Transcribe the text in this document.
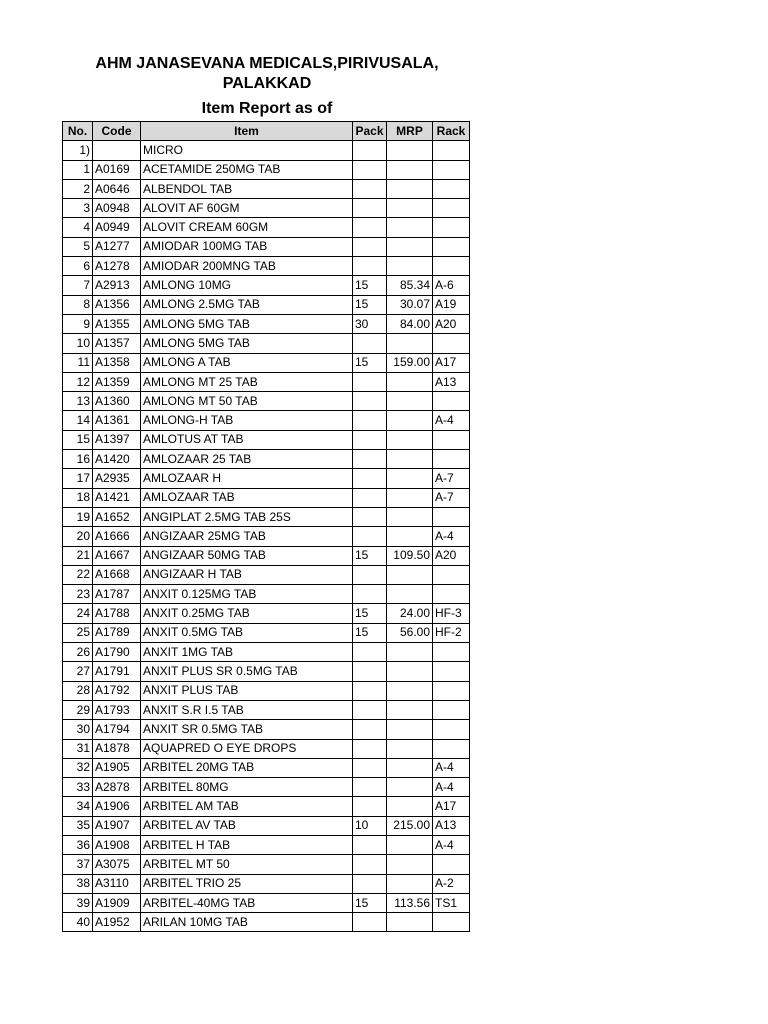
AHM JANASEVANA MEDICALS,PIRIVUSALA,
PALAKKAD
Item Report as of
No.	Code	Item	Pack	MRP	Rack
1)		MICRO			
1	A0169	ACETAMIDE 250MG TAB			
2	A0646	ALBENDOL TAB			
3	A0948	ALOVIT AF 60GM			
4	A0949	ALOVIT CREAM 60GM			
5	A1277	AMIODAR 100MG TAB			
6	A1278	AMIODAR 200MNG TAB			
7	A2913	AMLONG 10MG	15	85.34	A-6
8	A1356	AMLONG 2.5MG TAB	15	30.07	A19
9	A1355	AMLONG 5MG TAB	30	84.00	A20
10	A1357	AMLONG 5MG TAB			
11	A1358	AMLONG A TAB	15	159.00	A17
12	A1359	AMLONG MT 25 TAB			A13
13	A1360	AMLONG MT 50 TAB			
14	A1361	AMLONG-H TAB			A-4
15	A1397	AMLOTUS AT TAB			
16	A1420	AMLOZAAR 25 TAB			
17	A2935	AMLOZAAR H			A-7
18	A1421	AMLOZAAR TAB			A-7
19	A1652	ANGIPLAT 2.5MG TAB 25S			
20	A1666	ANGIZAAR 25MG TAB			A-4
21	A1667	ANGIZAAR 50MG TAB	15	109.50	A20
22	A1668	ANGIZAAR H TAB			
23	A1787	ANXIT 0.125MG TAB			
24	A1788	ANXIT 0.25MG TAB	15	24.00	HF-3
25	A1789	ANXIT 0.5MG TAB	15	56.00	HF-2
26	A1790	ANXIT 1MG TAB			
27	A1791	ANXIT PLUS SR 0.5MG TAB			
28	A1792	ANXIT PLUS TAB			
29	A1793	ANXIT S.R I.5 TAB			
30	A1794	ANXIT SR 0.5MG TAB			
31	A1878	AQUAPRED O EYE DROPS			
32	A1905	ARBITEL 20MG TAB			A-4
33	A2878	ARBITEL 80MG			A-4
34	A1906	ARBITEL AM TAB			A17
35	A1907	ARBITEL AV TAB	10	215.00	A13
36	A1908	ARBITEL H TAB			A-4
37	A3075	ARBITEL MT 50			
38	A3110	ARBITEL TRIO 25			A-2
39	A1909	ARBITEL-40MG TAB	15	113.56	TS1
40	A1952	ARILAN 10MG TAB			
